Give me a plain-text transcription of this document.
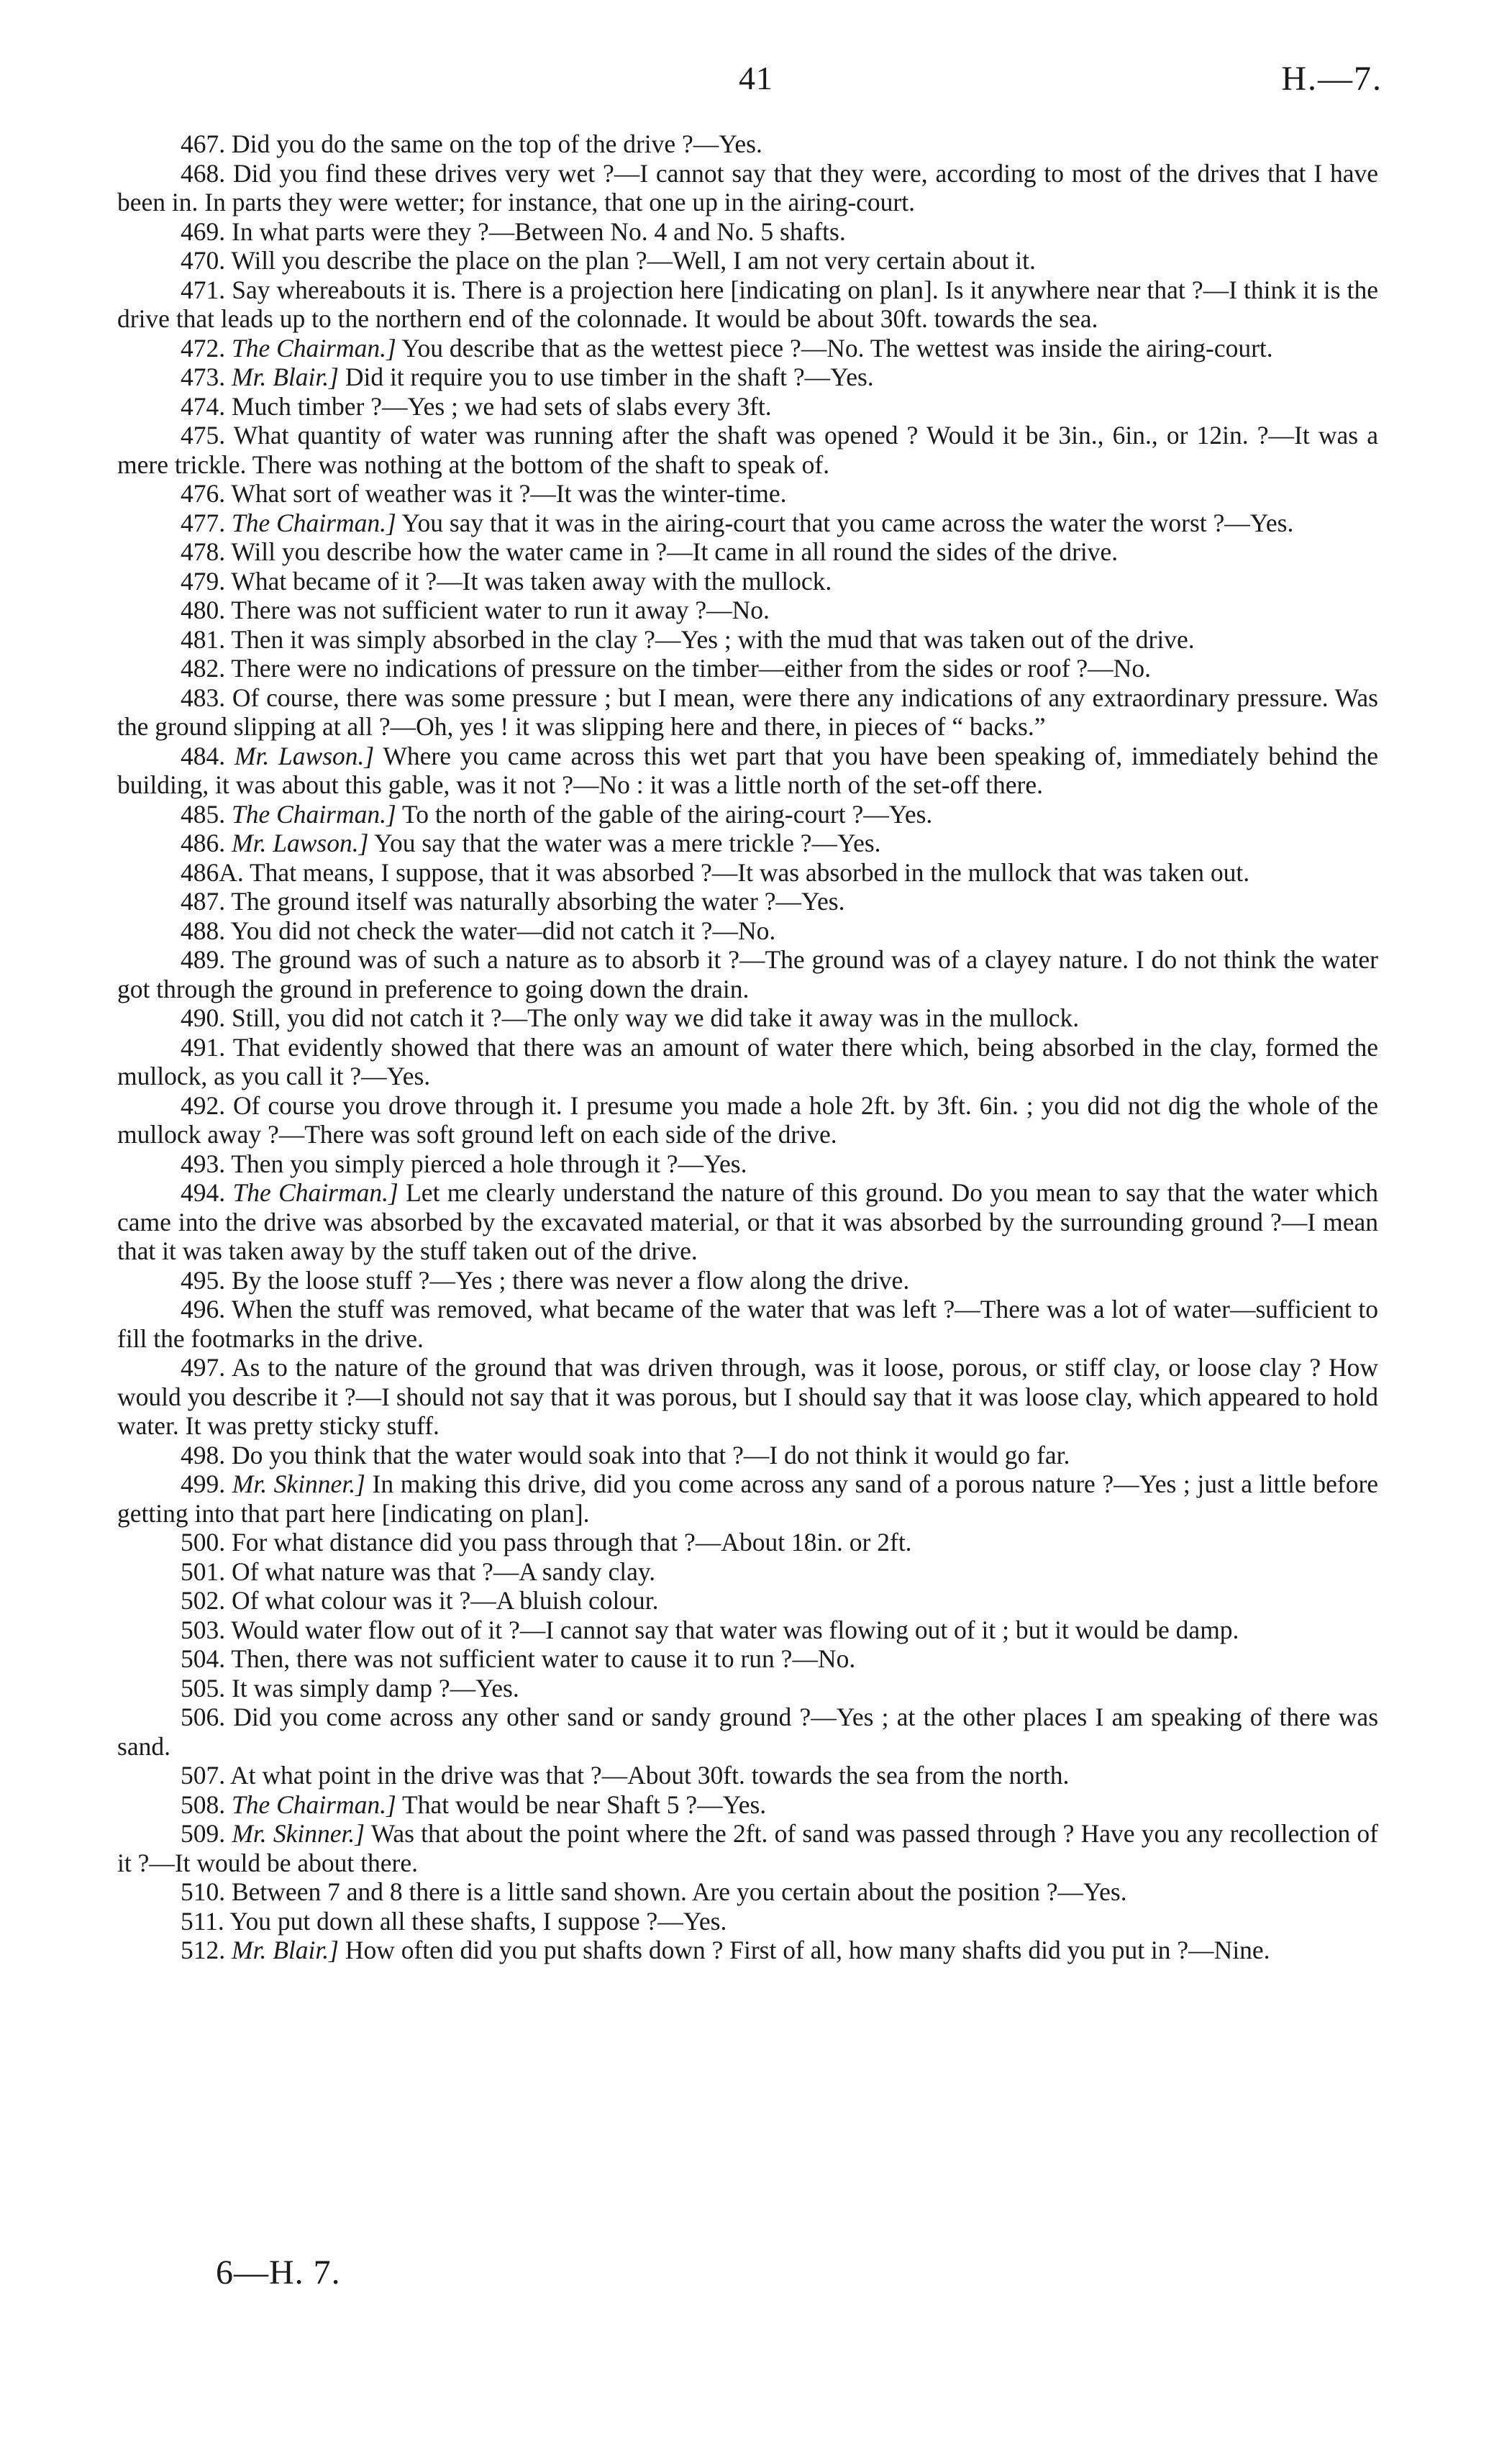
41	H.—7.

467. Did you do the same on the top of the drive ?—Yes.

468. Did you find these drives very wet ?—I cannot say that they were, according to most of the drives that I have been in. In parts they were wetter; for instance, that one up in the airing-court.

469. In what parts were they ?—Between No. 4 and No. 5 shafts.

470. Will you describe the place on the plan ?—Well, I am not very certain about it.

471. Say whereabouts it is. There is a projection here [indicating on plan]. Is it anywhere near that ?—I think it is the drive that leads up to the northern end of the colonnade. It would be about 30ft. towards the sea.

472. The Chairman.] You describe that as the wettest piece ?—No. The wettest was inside the airing-court.

473. Mr. Blair.] Did it require you to use timber in the shaft ?—Yes.

474. Much timber ?—Yes ; we had sets of slabs every 3ft.

475. What quantity of water was running after the shaft was opened ? Would it be 3in., 6in., or 12in. ?—It was a mere trickle. There was nothing at the bottom of the shaft to speak of.

476. What sort of weather was it ?—It was the winter-time.

477. The Chairman.] You say that it was in the airing-court that you came across the water the worst ?—Yes.

478. Will you describe how the water came in ?—It came in all round the sides of the drive.

479. What became of it ?—It was taken away with the mullock.

480. There was not sufficient water to run it away ?—No.

481. Then it was simply absorbed in the clay ?—Yes ; with the mud that was taken out of the drive.

482. There were no indications of pressure on the timber—either from the sides or roof ?—No.

483. Of course, there was some pressure ; but I mean, were there any indications of any extraordinary pressure. Was the ground slipping at all ?—Oh, yes ! it was slipping here and there, in pieces of “ backs.”

484. Mr. Lawson.] Where you came across this wet part that you have been speaking of, immediately behind the building, it was about this gable, was it not ?—No : it was a little north of the set-off there.

485. The Chairman.] To the north of the gable of the airing-court ?—Yes.

486. Mr. Lawson.] You say that the water was a mere trickle ?—Yes.

486A. That means, I suppose, that it was absorbed ?—It was absorbed in the mullock that was taken out.

487. The ground itself was naturally absorbing the water ?—Yes.

488. You did not check the water—did not catch it ?—No.

489. The ground was of such a nature as to absorb it ?—The ground was of a clayey nature. I do not think the water got through the ground in preference to going down the drain.

490. Still, you did not catch it ?—The only way we did take it away was in the mullock.

491. That evidently showed that there was an amount of water there which, being absorbed in the clay, formed the mullock, as you call it ?—Yes.

492. Of course you drove through it. I presume you made a hole 2ft. by 3ft. 6in. ; you did not dig the whole of the mullock away ?—There was soft ground left on each side of the drive.

493. Then you simply pierced a hole through it ?—Yes.

494. The Chairman.] Let me clearly understand the nature of this ground. Do you mean to say that the water which came into the drive was absorbed by the excavated material, or that it was absorbed by the surrounding ground ?—I mean that it was taken away by the stuff taken out of the drive.

495. By the loose stuff ?—Yes ; there was never a flow along the drive.

496. When the stuff was removed, what became of the water that was left ?—There was a lot of water—sufficient to fill the footmarks in the drive.

497. As to the nature of the ground that was driven through, was it loose, porous, or stiff clay, or loose clay ? How would you describe it ?—I should not say that it was porous, but I should say that it was loose clay, which appeared to hold water. It was pretty sticky stuff.

498. Do you think that the water would soak into that ?—I do not think it would go far.

499. Mr. Skinner.] In making this drive, did you come across any sand of a porous nature ?—Yes ; just a little before getting into that part here [indicating on plan].

500. For what distance did you pass through that ?—About 18in. or 2ft.

501. Of what nature was that ?—A sandy clay.

502. Of what colour was it ?—A bluish colour.

503. Would water flow out of it ?—I cannot say that water was flowing out of it ; but it would be damp.

504. Then, there was not sufficient water to cause it to run ?—No.

505. It was simply damp ?—Yes.

506. Did you come across any other sand or sandy ground ?—Yes ; at the other places I am speaking of there was sand.

507. At what point in the drive was that ?—About 30ft. towards the sea from the north.

508. The Chairman.] That would be near Shaft 5 ?—Yes.

509. Mr. Skinner.] Was that about the point where the 2ft. of sand was passed through ? Have you any recollection of it ?—It would be about there.

510. Between 7 and 8 there is a little sand shown. Are you certain about the position ?—Yes.

511. You put down all these shafts, I suppose ?—Yes.

512. Mr. Blair.] How often did you put shafts down ? First of all, how many shafts did you put in ?—Nine.

6—H. 7.
